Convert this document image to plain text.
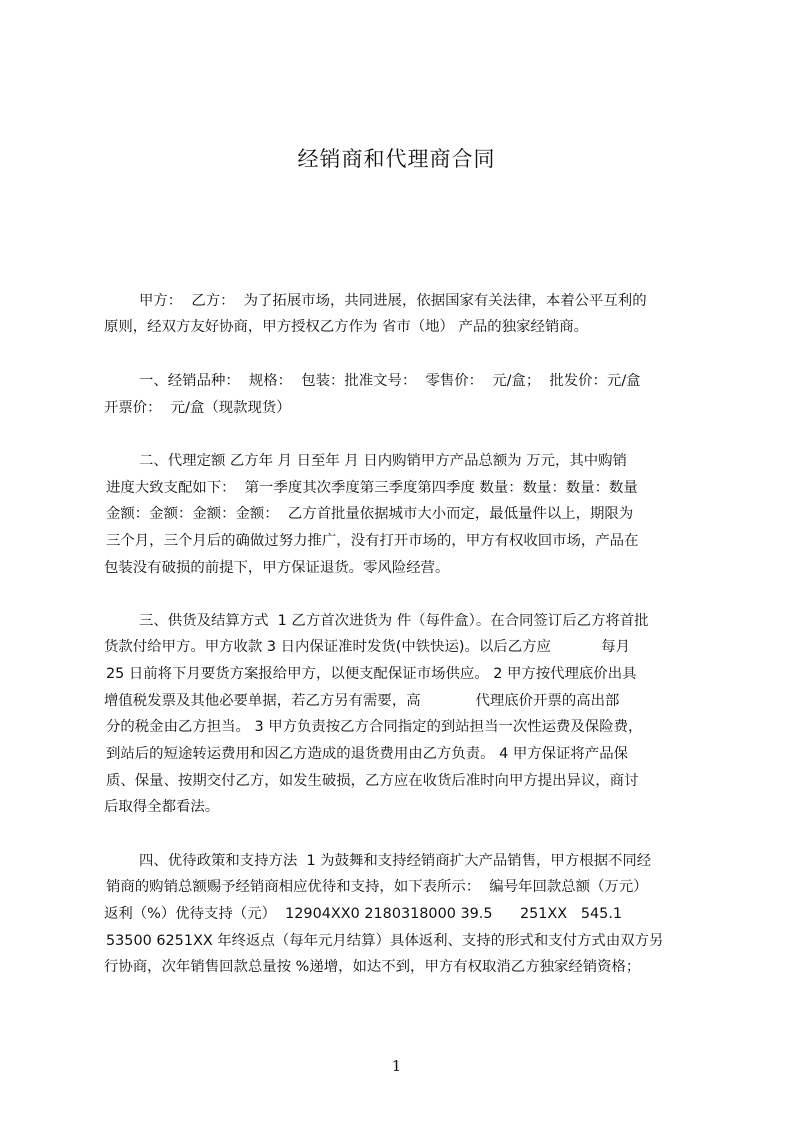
经销商和代理商合同
甲方：  乙方：  为了拓展市场，共同进展，依据国家有关法律，本着公平互利的
原则，经双方友好协商，甲方授权乙方作为 省市（地） 产品的独家经销商。
一、经销品种：  规格：  包装：批准文号：  零售价：  元/盒；  批发价：元/盒
开票价：  元/盒（现款现货）
二、代理定额 乙方年 月 日至年 月 日内购销甲方产品总额为 万元，其中购销
进度大致支配如下：  第一季度其次季度第三季度第四季度 数量：数量：数量：数量
金额：金额：金额：金额：  乙方首批量依据城市大小而定，最低量件以上，期限为
三个月，三个月后的确做过努力推广，没有打开市场的，甲方有权收回市场，产品在
包装没有破损的前提下，甲方保证退货。零风险经营。
三、供货及结算方式  1 乙方首次进货为 件（每件盒）。在合同签订后乙方将首批
货款付给甲方。甲方收款 3 日内保证准时发货(中铁快运)。以后乙方应           每月
25 日前将下月要货方案报给甲方，以便支配保证市场供应。 2 甲方按代理底价出具
增值税发票及其他必要单据，若乙方另有需要，高            代理底价开票的高出部
分的税金由乙方担当。 3 甲方负责按乙方合同指定的到站担当一次性运费及保险费，
到站后的短途转运费用和因乙方造成的退货费用由乙方负责。 4 甲方保证将产品保
质、保量、按期交付乙方，如发生破损，乙方应在收货后准时向甲方提出异议，商讨
后取得全都看法。
四、优待政策和支持方法  1 为鼓舞和支持经销商扩大产品销售，甲方根据不同经
销商的购销总额赐予经销商相应优待和支持，如下表所示：  编号年回款总额（万元）
返利（%）优待支持（元）  12904XX0 2180318000 39.5      251XX   545.1
53500 6251XX 年终返点（每年元月结算）具体返利、支持的形式和支付方式由双方另
行协商，次年销售回款总量按 %递增，如达不到，甲方有权取消乙方独家经销资格；
1
